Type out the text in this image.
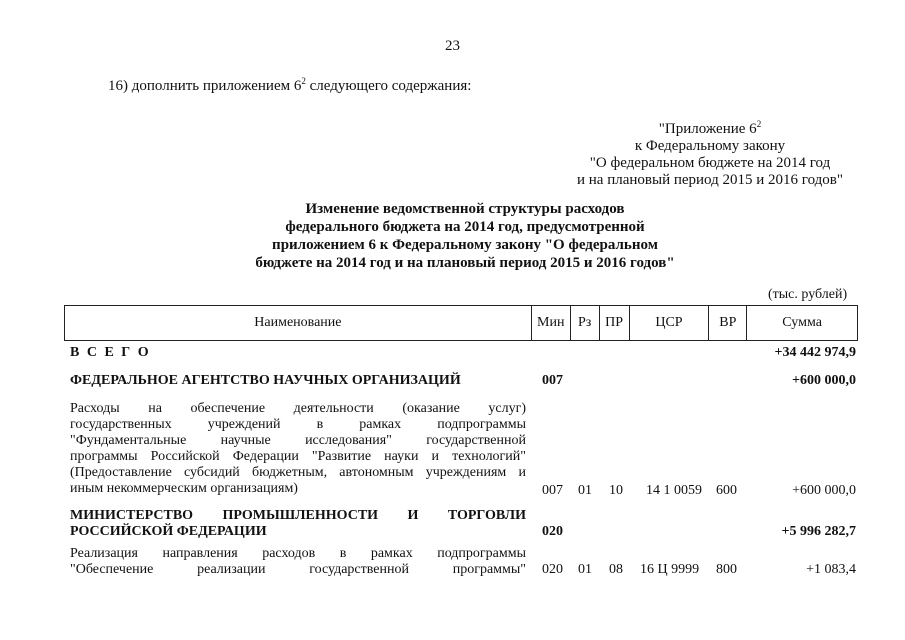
23
16) дополнить приложением $6^2$ следующего содержания:
"Приложение $6^2$
к Федеральному закону
"О федеральном бюджете на 2014 год
и на плановый период 2015 и 2016 годов"
Изменение ведомственной структуры расходов
федерального бюджета на 2014 год, предусмотренной
приложением 6 к Федеральному закону "О федеральном
бюджете на 2014 год и на плановый период 2015 и 2016 годов"
(тыс. рублей)
Наименование	Мин Рз ПР	ЦСР	ВР	Сумма
В С Е Г О	+34 442 974,9
ФЕДЕРАЛЬНОЕ АГЕНТСТВО НАУЧНЫХ ОРГАНИЗАЦИЙ	007	+600 000,0
Расходы на обеспечение деятельности (оказание услуг)
государственных учреждений в рамках подпрограммы
"Фундаментальные научные исследования" государственной
программы Российской Федерации "Развитие науки и технологий"
(Предоставление субсидий бюджетным, автономным учреждениям и
иным некоммерческим организациям)	007 01 10 14 1 0059 600	+600 000,0
МИНИСТЕРСТВО ПРОМЫШЛЕННОСТИ И ТОРГОВЛИ
РОССИЙСКОЙ ФЕДЕРАЦИИ	020	+5 996 282,7
Реализация направления расходов в рамках подпрограммы
"Обеспечение реализации государственной программы" 020 01 08 16 Ц 9999 800	+1 083,4
